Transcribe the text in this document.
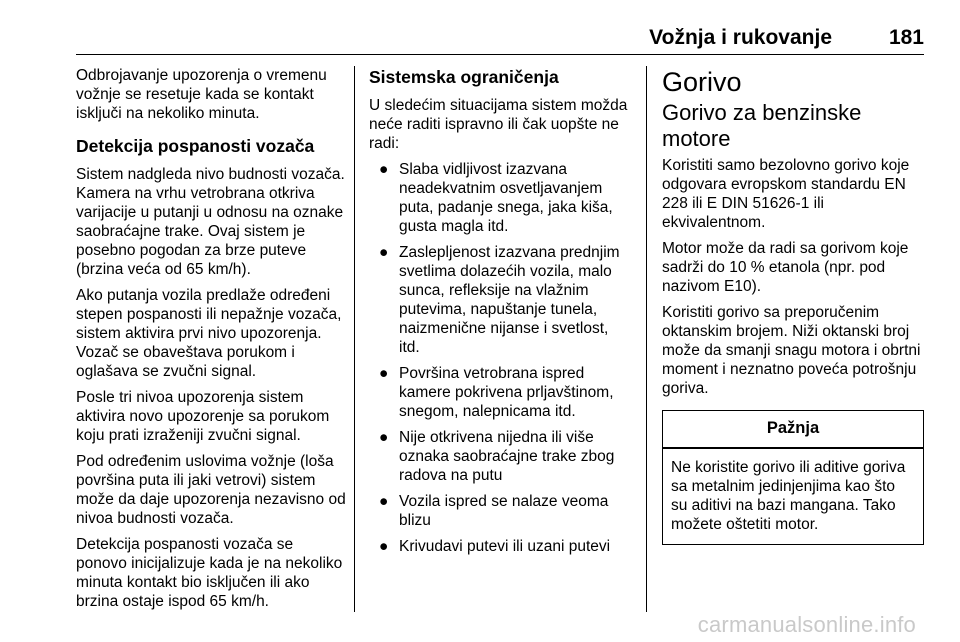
Vožnja i rukovanje	181

Odbrojavanje upozorenja o vremenu vožnje se resetuje kada se kontakt isključi na nekoliko minuta.

Detekcija pospanosti vozača

Sistem nadgleda nivo budnosti vozača. Kamera na vrhu vetrobrana otkriva varijacije u putanji u odnosu na oznake saobraćajne trake. Ovaj sistem je posebno pogodan za brze puteve (brzina veća od 65 km/h).

Ako putanja vozila predlaže određeni stepen pospanosti ili nepažnje vozača, sistem aktivira prvi nivo upozorenja. Vozač se obaveštava porukom i oglašava se zvučni signal.

Posle tri nivoa upozorenja sistem aktivira novo upozorenje sa porukom koju prati izraženiji zvučni signal.

Pod određenim uslovima vožnje (loša površina puta ili jaki vetrovi) sistem može da daje upozorenja nezavisno od nivoa budnosti vozača.

Detekcija pospanosti vozača se ponovo inicijalizuje kada je na nekoliko minuta kontakt bio isključen ili ako brzina ostaje ispod 65 km/h.

Sistemska ograničenja

U sledećim situacijama sistem možda neće raditi ispravno ili čak uopšte ne radi:

● Slaba vidljivost izazvana neadekvatnim osvetljavanjem puta, padanje snega, jaka kiša, gusta magla itd.
● Zaslepljenost izazvana prednjim svetlima dolazećih vozila, malo sunca, refleksije na vlažnim putevima, napuštanje tunela, naizmenične nijanse i svetlost, itd.
● Površina vetrobrana ispred kamere pokrivena prljavštinom, snegom, nalepnicama itd.
● Nije otkrivena nijedna ili više oznaka saobraćajne trake zbog radova na putu
● Vozila ispred se nalaze veoma blizu
● Krivudavi putevi ili uzani putevi
Gorivo
Gorivo za benzinske motore

Koristiti samo bezolovno gorivo koje odgovara evropskom standardu EN 228 ili E DIN 51626-1 ili ekvivalentnom.

Motor može da radi sa gorivom koje sadrži do 10 % etanola (npr. pod nazivom E10).

Koristiti gorivo sa preporučenim oktanskim brojem. Niži oktanski broj može da smanji snagu motora i obrtni moment i neznatno poveća potrošnju goriva.

Pažnja
Ne koristite gorivo ili aditive goriva sa metalnim jedinjenjima kao što su aditivi na bazi mangana. Tako možete oštetiti motor.
carmanualsonline.info
